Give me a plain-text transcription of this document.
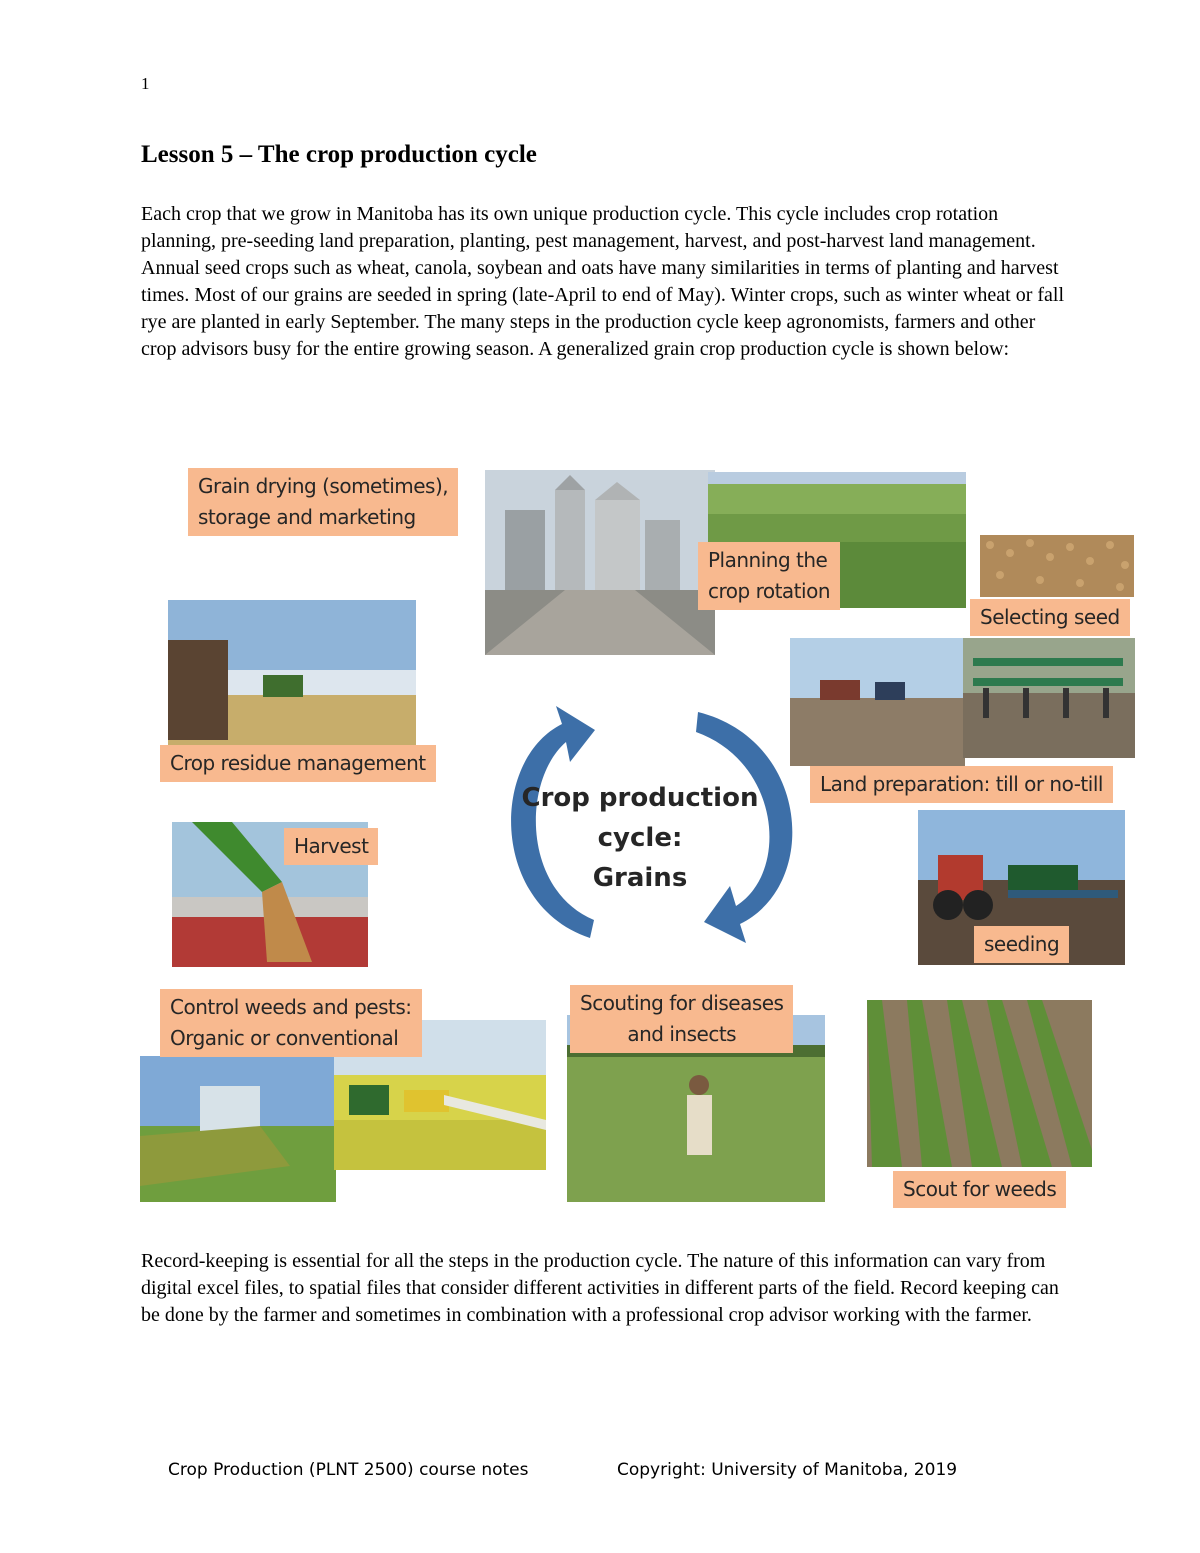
1
Lesson 5 – The crop production cycle

Each crop that we grow in Manitoba has its own unique production cycle. This cycle includes crop rotation planning, pre-seeding land preparation, planting, pest management, harvest, and post-harvest land management. Annual seed crops such as wheat, canola, soybean and oats have many similarities in terms of planting and harvest times. Most of our grains are seeded in spring (late-April to end of May). Winter crops, such as winter wheat or fall rye are planted in early September. The many steps in the production cycle keep agronomists, farmers and other crop advisors busy for the entire growing season. A generalized grain crop production cycle is shown below:

Crop production
cycle:
Grains
Grain drying (sometimes),
storage and marketing
Planning the
crop rotation
Selecting seed
Crop residue management
Land preparation: till or no-till
Harvest
seeding
Control weeds and pests:
Organic or conventional
Scouting for diseases
and insects
Scout for weeds

Record-keeping is essential for all the steps in the production cycle. The nature of this information can vary from digital excel files, to spatial files that consider different activities in different parts of the field. Record keeping can be done by the farmer and sometimes in combination with a professional crop advisor working with the farmer.

Crop Production (PLNT 2500) course notes	Copyright: University of Manitoba, 2019
